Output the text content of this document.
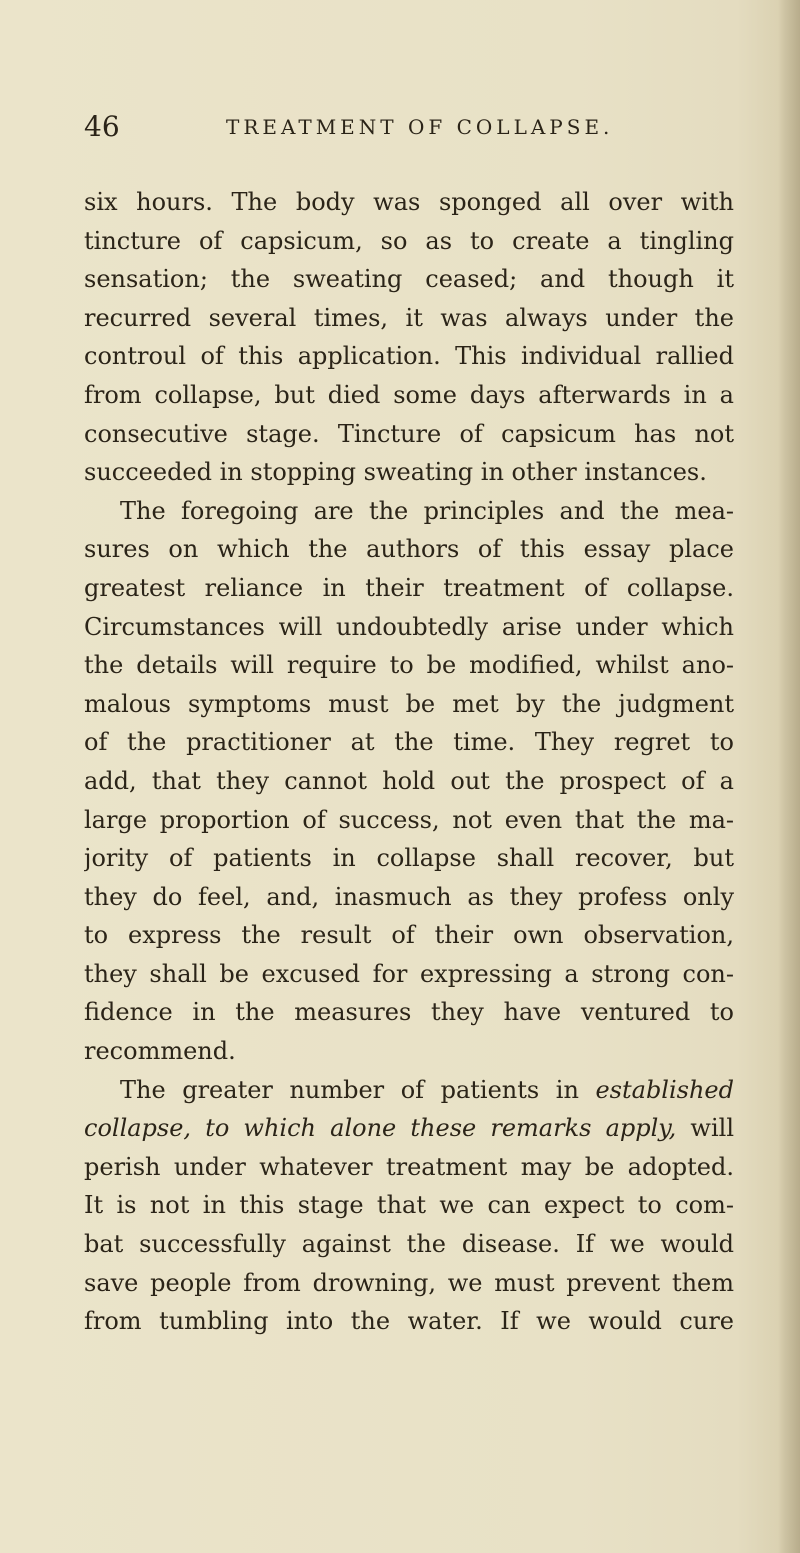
46	TREATMENT OF COLLAPSE.
six hours. The body was sponged all over with
tincture of capsicum, so as to create a tingling
sensation; the sweating ceased; and though it
recurred several times, it was always under the
controul of this application. This individual rallied
from collapse, but died some days afterwards in a
consecutive stage. Tincture of capsicum has not
succeeded in stopping sweating in other instances.
The foregoing are the principles and the mea-
sures on which the authors of this essay place
greatest reliance in their treatment of collapse.
Circumstances will undoubtedly arise under which
the details will require to be modified, whilst ano-
malous symptoms must be met by the judgment
of the practitioner at the time. They regret to
add, that they cannot hold out the prospect of a
large proportion of success, not even that the ma-
jority of patients in collapse shall recover, but
they do feel, and, inasmuch as they profess only
to express the result of their own observation,
they shall be excused for expressing a strong con-
fidence in the measures they have ventured to
recommend.
The greater number of patients in established
collapse, to which alone these remarks apply, will
perish under whatever treatment may be adopted.
It is not in this stage that we can expect to com-
bat successfully against the disease. If we would
save people from drowning, we must prevent them
from tumbling into the water. If we would cure
